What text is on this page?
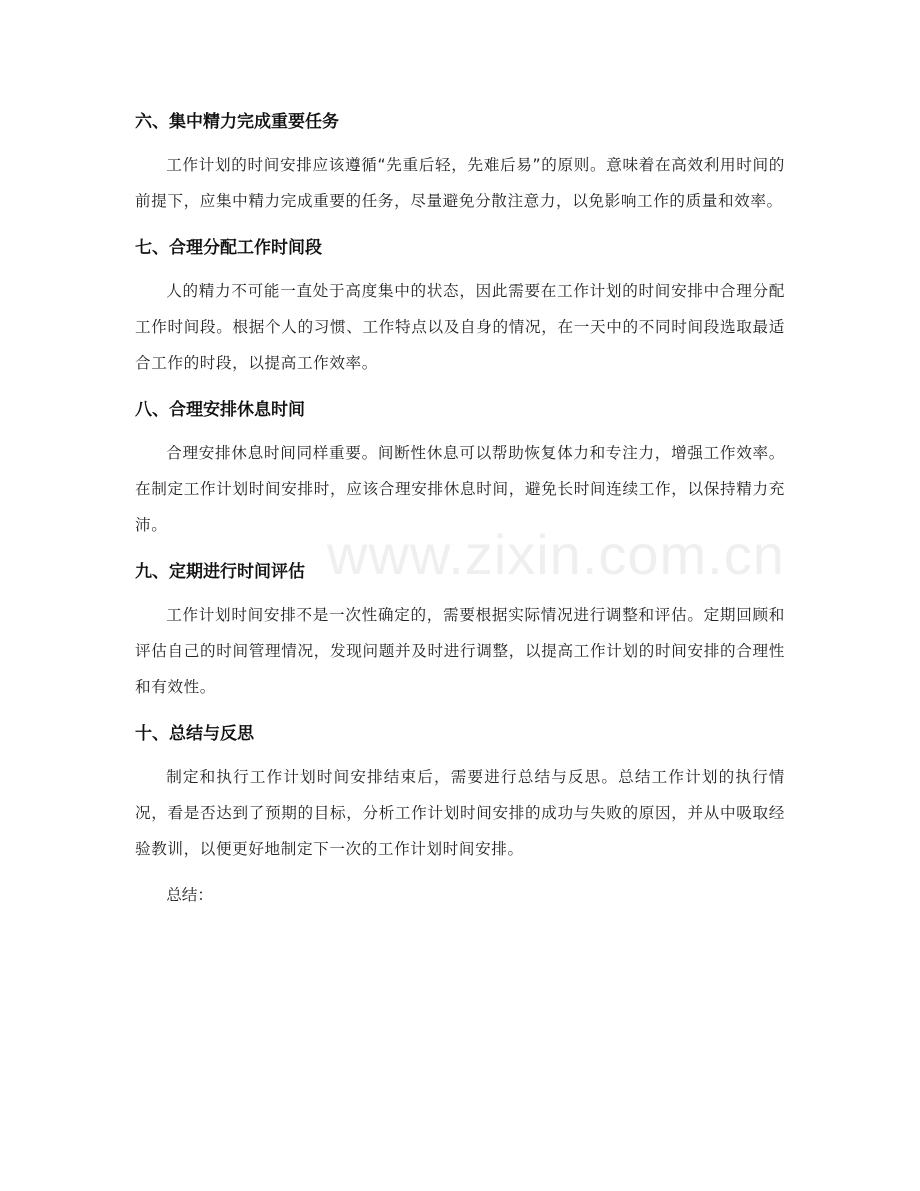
六、集中精力完成重要任务

工作计划的时间安排应该遵循“先重后轻，先难后易”的原则。意味着在高效利用时间的前提下，应集中精力完成重要的任务，尽量避免分散注意力，以免影响工作的质量和效率。

七、合理分配工作时间段

人的精力不可能一直处于高度集中的状态，因此需要在工作计划的时间安排中合理分配工作时间段。根据个人的习惯、工作特点以及自身的情况，在一天中的不同时间段选取最适合工作的时段，以提高工作效率。

八、合理安排休息时间

合理安排休息时间同样重要。间断性休息可以帮助恢复体力和专注力，增强工作效率。在制定工作计划时间安排时，应该合理安排休息时间，避免长时间连续工作，以保持精力充沛。

九、定期进行时间评估

工作计划时间安排不是一次性确定的，需要根据实际情况进行调整和评估。定期回顾和评估自己的时间管理情况，发现问题并及时进行调整，以提高工作计划的时间安排的合理性和有效性。

十、总结与反思

制定和执行工作计划时间安排结束后，需要进行总结与反思。总结工作计划的执行情况，看是否达到了预期的目标，分析工作计划时间安排的成功与失败的原因，并从中吸取经验教训，以便更好地制定下一次的工作计划时间安排。

总结：

www.zixin.com.cn
